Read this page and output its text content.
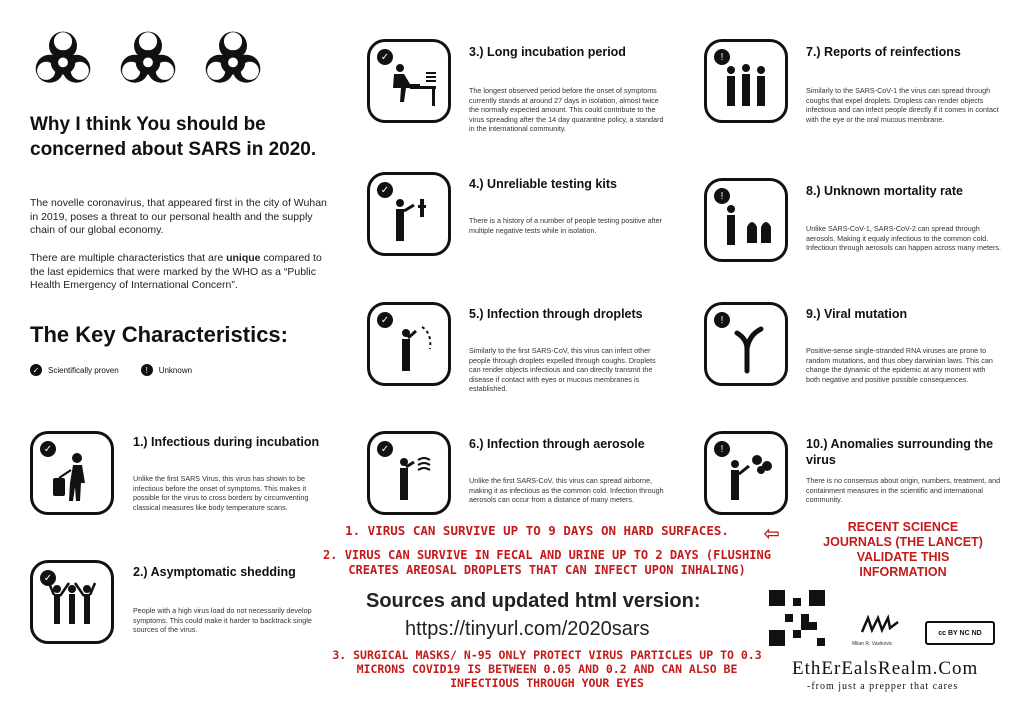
Why I think You should be
concerned about SARS in 2020.
The novelle coronavirus, that appeared first in the city of Wuhan in 2019, poses a threat to our personal health and the supply chain of our global economy.
There are multiple characteristics that are unique compared to the last epidemics that were marked by the WHO as a “Public Health Emergency of International Concern”.
The Key Characteristics:
✓	Scientifically proven	!	Unknown
✓	1.) Infectious during incubation
Unlike the first SARS Virus, this virus has shown to be infectious before the onset of symptoms. This makes it possible for the virus to cross borders by circumventing classical measures like body temperature scans.
✓	2.) Asymptomatic shedding
People with a high virus load do not necessarily develop symptoms. This could make it harder to backtrack single sources of the virus.
✓	3.) Long incubation period
The longest observed period before the onset of symptoms currently stands at around 27 days in isolation, almost twice the normally expected amount. This could contribute to the virus spreading after the 14 day quarantine policy, a standard in the international community.
✓	4.) Unreliable testing kits
There is a history of a number of people testing positive after multiple negative tests while in isolation.
✓	5.) Infection through droplets
Similarly to the first SARS-CoV, this virus can infect other people through droplets expelled through coughs. Droplets can render objects infectious and can directly transmit the disease if contact with eyes or mucous membranes is established.
✓	6.) Infection through aerosole
Unlike the first SARS-CoV, this virus can spread airborne, making it as infectious as the common cold. Infection through aerosols can occur from a distance of many meters.
!	7.) Reports of reinfections
Similarly to the SARS-CoV-1 the virus can spread through coughs that expel droplets. Dropless can render objects infectious and can infect people directly if it comes in contact with the eye or the oral mucous membrane.
!	8.) Unknown mortality rate
Unlike SARS-CoV-1, SARS-CoV-2 can spread through aerosols. Making it equaly infectious to the common cold. Infectioun through aerosols can happen across many meters.
!	9.) Viral mutation
Positive-sense single-stranded RNA viruses are prone to random mutations, and thus obey darwinian laws. This can change the dynamic of the epidemic at any moment with both negative and positive possible consequences.
!	10.) Anomalies surrounding the virus
There is no consensus about origin, numbers, treatment, and containment measures in the scientific and international community.
1. VIRUS CAN SURVIVE UP TO 9 DAYS ON HARD SURFACES.
2. VIRUS CAN SURVIVE IN FECAL AND URINE UP TO 2 DAYS (FLUSHING CREATES AREOSAL DROPLETS THAT CAN INFECT UPON INHALING)
⇦	RECENT SCIENCE JOURNALS (THE LANCET) VALIDATE THIS INFORMATION
Sources and updated html version:
https://tinyurl.com/2020sars
3. SURGICAL MASKS/ N-95 ONLY PROTECT VIRUS PARTICLES UP TO 0.3 MICRONS COVID19 IS BETWEEN 0.05 AND 0.2 AND CAN ALSO BE INFECTIOUS THROUGH YOUR EYES
Milan R. Vasikovic
cc BY NC ND
EthErEalsRealm.Com
-from just a prepper that cares
